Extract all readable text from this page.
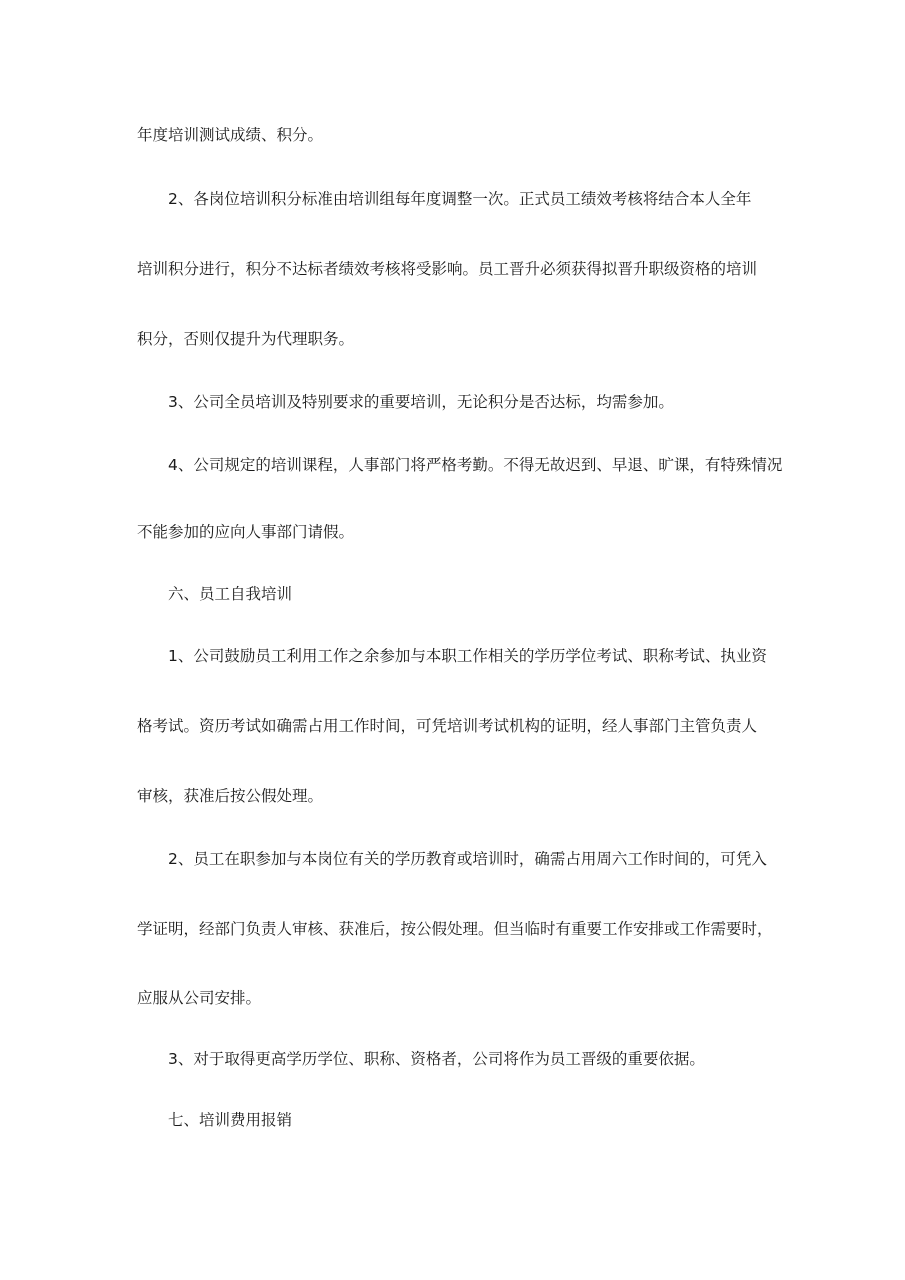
年度培训测试成绩、积分。
2、各岗位培训积分标准由培训组每年度调整一次。正式员工绩效考核将结合本人全年
培训积分进行，积分不达标者绩效考核将受影响。员工晋升必须获得拟晋升职级资格的培训
积分，否则仅提升为代理职务。
3、公司全员培训及特别要求的重要培训，无论积分是否达标，均需参加。
4、公司规定的培训课程，人事部门将严格考勤。不得无故迟到、早退、旷课，有特殊情况
不能参加的应向人事部门请假。
六、员工自我培训
1、公司鼓励员工利用工作之余参加与本职工作相关的学历学位考试、职称考试、执业资
格考试。资历考试如确需占用工作时间，可凭培训考试机构的证明，经人事部门主管负责人
审核，获准后按公假处理。
2、员工在职参加与本岗位有关的学历教育或培训时，确需占用周六工作时间的，可凭入
学证明，经部门负责人审核、获准后，按公假处理。但当临时有重要工作安排或工作需要时，
应服从公司安排。
3、对于取得更高学历学位、职称、资格者，公司将作为员工晋级的重要依据。
七、培训费用报销
